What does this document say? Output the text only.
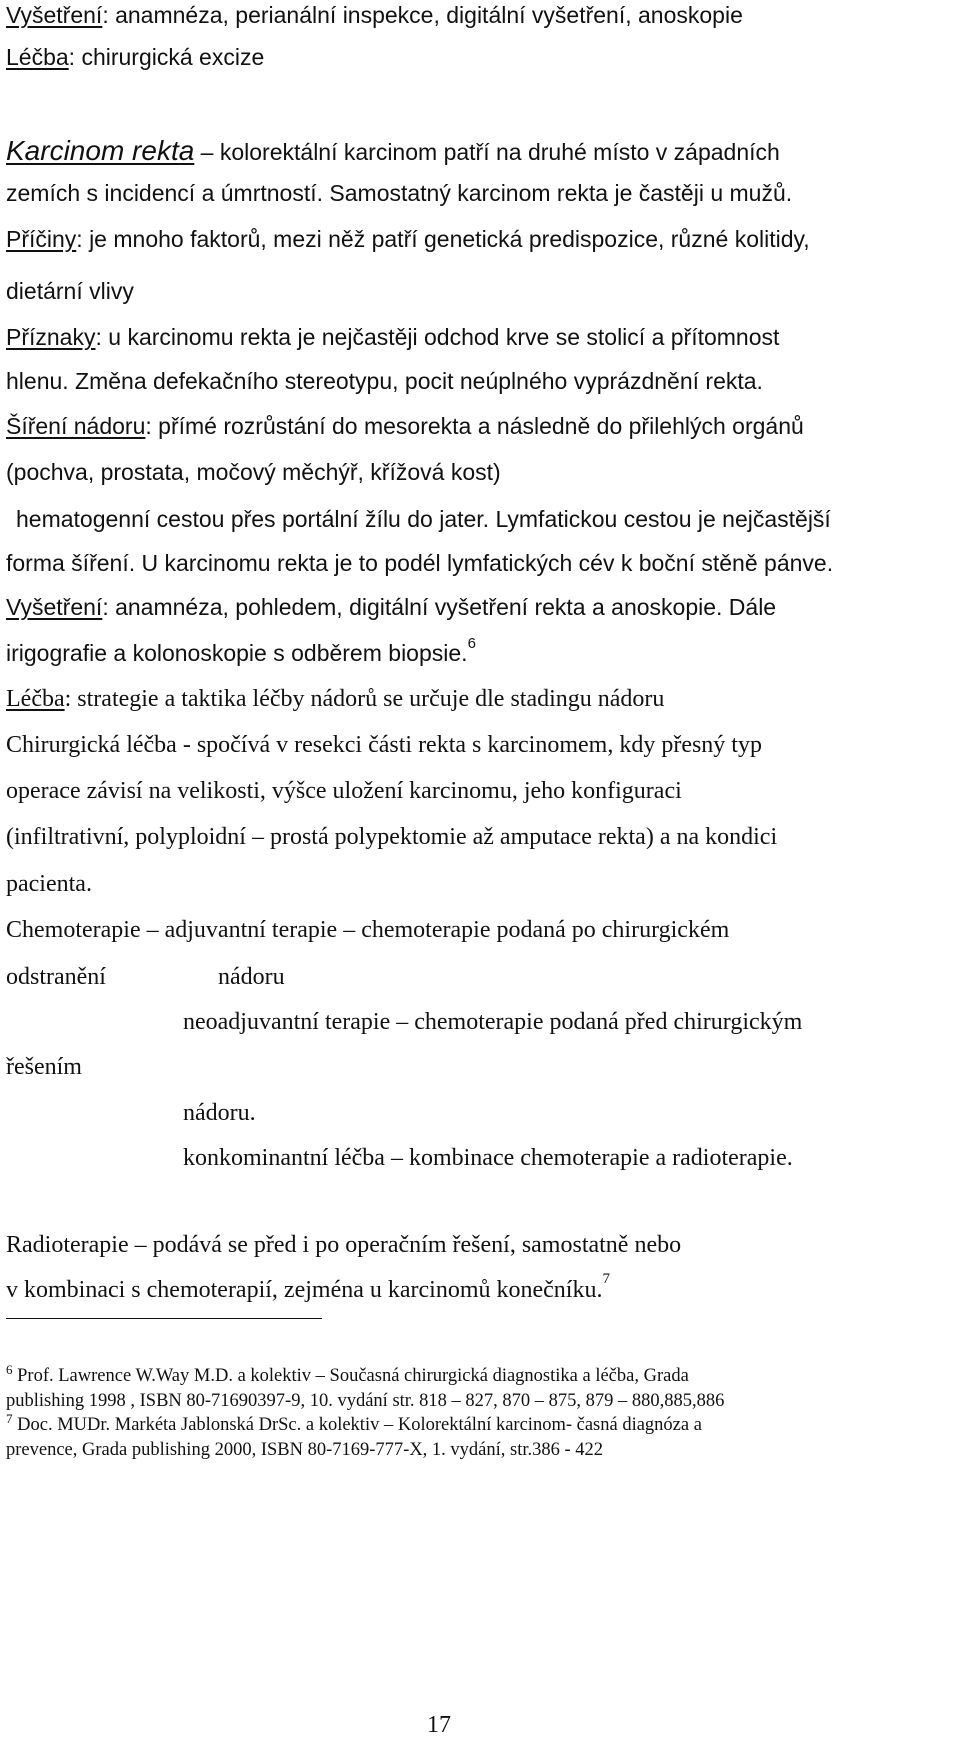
Vyšetření: anamnéza, perianální inspekce, digitální vyšetření, anoskopie
Léčba: chirurgická excize
Karcinom rekta – kolorektální karcinom patří na druhé místo v západních
zemích s incidencí a úmrtností. Samostatný karcinom rekta je častěji u mužů.
Příčiny: je mnoho faktorů, mezi něž patří genetická predispozice, různé kolitidy,
dietární vlivy
Příznaky: u karcinomu rekta je nejčastěji odchod krve se stolicí a přítomnost
hlenu. Změna defekačního stereotypu, pocit neúplného vyprázdnění rekta.
Šíření nádoru: přímé rozrůstání do mesorekta a následně do přilehlých orgánů
(pochva, prostata, močový měchýř, křížová kost)
hematogenní cestou přes portální žílu do jater. Lymfatickou cestou je nejčastější
forma šíření. U karcinomu rekta je to podél lymfatických cév k boční stěně pánve.
Vyšetření: anamnéza, pohledem, digitální vyšetření rekta a anoskopie. Dále
irigografie a kolonoskopie s odběrem biopsie.$^6$
Léčba: strategie a taktika léčby nádorů se určuje dle stadingu nádoru
Chirurgická léčba - spočívá v resekci části rekta s karcinomem, kdy přesný typ
operace závisí na velikosti, výšce uložení karcinomu, jeho konfiguraci
(infiltrativní, polyploidní – prostá polypektomie až amputace rekta) a na kondici
pacienta.
Chemoterapie – adjuvantní terapie – chemoterapie podaná po chirurgickém
odstranění	nádoru
neoadjuvantní terapie – chemoterapie podaná před chirurgickým
řešením
nádoru.
konkominantní léčba – kombinace chemoterapie a radioterapie.
Radioterapie – podává se před i po operačním řešení, samostatně nebo
v kombinaci s chemoterapií, zejména u karcinomů konečníku.$^7$
$^6$ Prof. Lawrence W.Way M.D. a kolektiv – Současná chirurgická diagnostika a léčba, Grada
publishing 1998 , ISBN 80-71690397-9, 10. vydání str. 818 – 827, 870 – 875, 879 – 880,885,886
$^7$ Doc. MUDr. Markéta Jablonská DrSc. a kolektiv – Kolorektální karcinom- časná diagnóza a
prevence, Grada publishing 2000, ISBN 80-7169-777-X, 1. vydání, str.386 - 422
17
